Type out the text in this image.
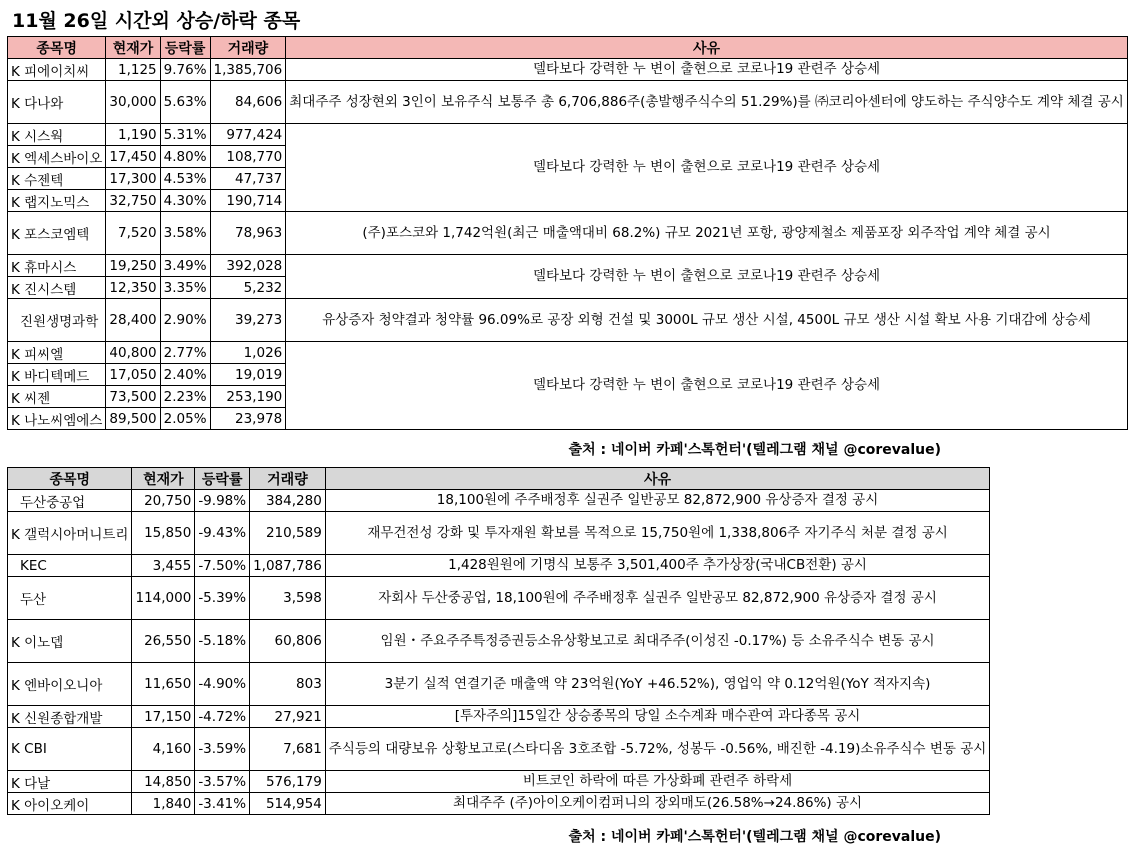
11월 26일 시간외 상승/하락 종목
종목명	현재가	등락률	거래량	사유
K 피에이치씨	1,125	9.76%	1,385,706	델타보다 강력한 누 변이 출현으로 코로나19 관련주 상승세
K 다나와	30,000	5.63%	84,606	최대주주 성장현외 3인이 보유주식 보통주 총 6,706,886주(총발행주식수의 51.29%)를 ㈜코리아센터에 양도하는 주식양수도 계약 체결 공시
K 시스웍	1,190	5.31%	977,424	델타보다 강력한 누 변이 출현으로 코로나19 관련주 상승세
K 엑세스바이오	17,450	4.80%	108,770	
K 수젠텍	17,300	4.53%	47,737	
K 랩지노믹스	32,750	4.30%	190,714	
K 포스코엠텍	7,520	3.58%	78,963	(주)포스코와 1,742억원(최근 매출액대비 68.2%) 규모 2021년 포항, 광양제철소 제품포장 외주작업 계약 체결 공시
K 휴마시스	19,250	3.49%	392,028	델타보다 강력한 누 변이 출현으로 코로나19 관련주 상승세
K 진시스템	12,350	3.35%	5,232	
진원생명과학	28,400	2.90%	39,273	유상증자 청약결과 청약률 96.09%로 공장 외형 건설 및 3000L 규모 생산 시설, 4500L 규모 생산 시설 확보 사용 기대감에 상승세
K 피씨엘	40,800	2.77%	1,026	델타보다 강력한 누 변이 출현으로 코로나19 관련주 상승세
K 바디텍메드	17,050	2.40%	19,019	
K 씨젠	73,500	2.23%	253,190	
K 나노씨엠에스	89,500	2.05%	23,978	
출처 : 네이버 카페'스톡헌터'(텔레그램 채널 @corevalue)
종목명	현재가	등락률	거래량	사유
두산중공업	20,750	-9.98%	384,280	18,100원에 주주배정후 실권주 일반공모 82,872,900 유상증자 결정 공시
K 갤럭시아머니트리	15,850	-9.43%	210,589	재무건전성 강화 및 투자재원 확보를 목적으로 15,750원에 1,338,806주 자기주식 처분 결정 공시
KEC	3,455	-7.50%	1,087,786	1,428원원에 기명식 보통주 3,501,400주 추가상장(국내CB전환) 공시
두산	114,000	-5.39%	3,598	자회사 두산중공업, 18,100원에 주주배정후 실권주 일반공모 82,872,900 유상증자 결정 공시
K 이노뎁	26,550	-5.18%	60,806	임원・주요주주특정증권등소유상황보고로 최대주주(이성진 -0.17%) 등 소유주식수 변동 공시
K 엔바이오니아	11,650	-4.90%	803	3분기 실적 연결기준 매출액 약 23억원(YoY +46.52%), 영업익 약 0.12억원(YoY 적자지속)
K 신원종합개발	17,150	-4.72%	27,921	[투자주의]15일간 상승종목의 당일 소수계좌 매수관여 과다종목 공시
K CBI	4,160	-3.59%	7,681	주식등의 대량보유 상황보고로(스타디옴 3호조합 -5.72%, 성봉두 -0.56%, 배진한 -4.19)소유주식수 변동 공시
K 다날	14,850	-3.57%	576,179	비트코인 하락에 따른 가상화폐 관련주 하락세
K 아이오케이	1,840	-3.41%	514,954	최대주주 (주)아이오케이컴퍼니의 장외매도(26.58%→24.86%) 공시
출처 : 네이버 카페'스톡헌터'(텔레그램 채널 @corevalue)
